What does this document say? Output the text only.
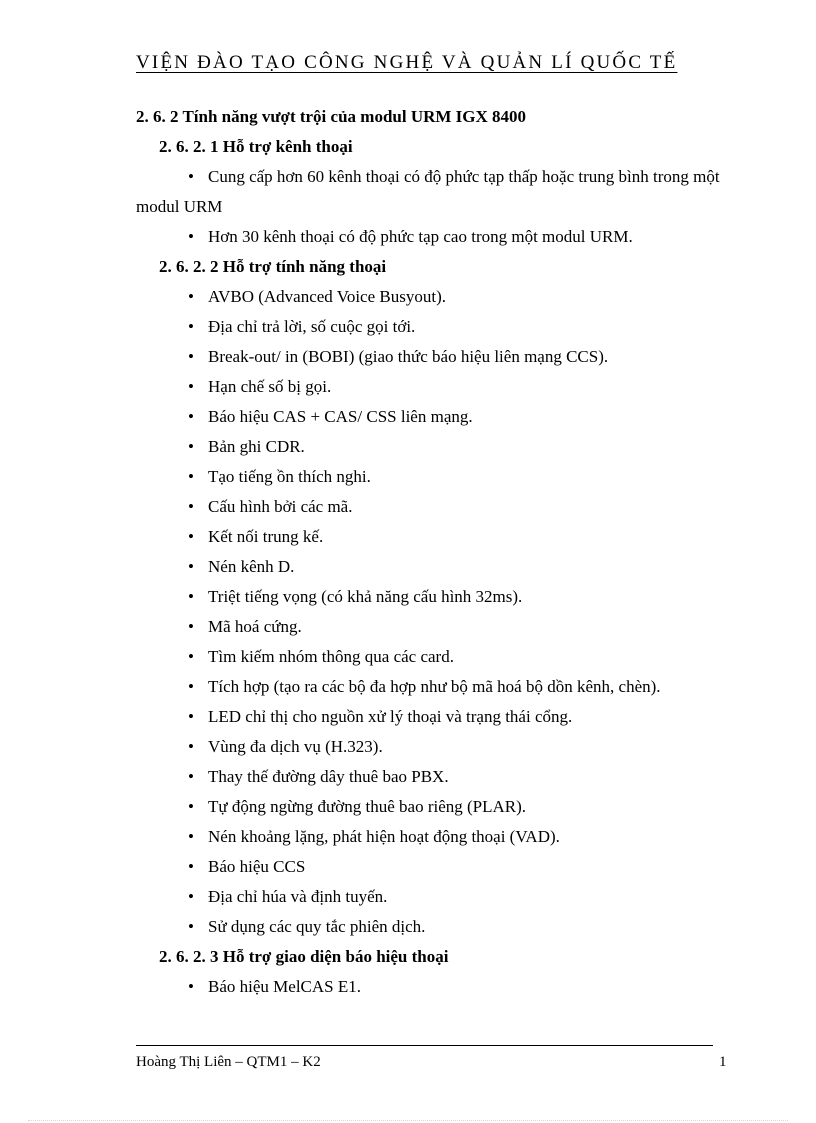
VIỆN ĐÀO TẠO CÔNG NGHỆ VÀ QUẢN LÍ QUỐC TẾ
2. 6. 2 Tính năng vượt trội của modul URM IGX 8400
2. 6. 2. 1 Hỗ trợ kênh thoại
• Cung cấp hơn 60 kênh thoại có độ phức tạp thấp hoặc trung bình trong một modul URM
• Hơn 30 kênh thoại có độ phức tạp cao trong một modul URM.
2. 6. 2. 2 Hỗ trợ tính năng thoại
• AVBO (Advanced Voice Busyout).
• Địa chỉ trả lời, số cuộc gọi tới.
• Break-out/ in (BOBI) (giao thức báo hiệu liên mạng CCS).
• Hạn chế số bị gọi.
• Báo hiệu CAS + CAS/ CSS liên mạng.
• Bản ghi CDR.
• Tạo tiếng ồn thích nghi.
• Cấu hình bởi các mã.
• Kết nối trung kế.
• Nén kênh D.
• Triệt tiếng vọng (có khả năng cấu hình 32ms).
• Mã hoá cứng.
• Tìm kiếm nhóm thông qua các card.
• Tích hợp (tạo ra các bộ đa hợp như bộ mã hoá bộ dồn kênh, chèn).
• LED chỉ thị cho nguồn xử lý thoại và trạng thái cổng.
• Vùng đa dịch vụ (H.323).
• Thay thế đường dây thuê bao PBX.
• Tự động ngừng đường thuê bao riêng (PLAR).
• Nén khoảng lặng, phát hiện hoạt động thoại (VAD).
• Báo hiệu CCS
• Địa chỉ húa và định tuyến.
• Sử dụng các quy tắc phiên dịch.
2. 6. 2. 3 Hỗ trợ giao diện báo hiệu thoại
• Báo hiệu MelCAS E1.
Hoàng Thị Liên – QTM1 – K2	1
